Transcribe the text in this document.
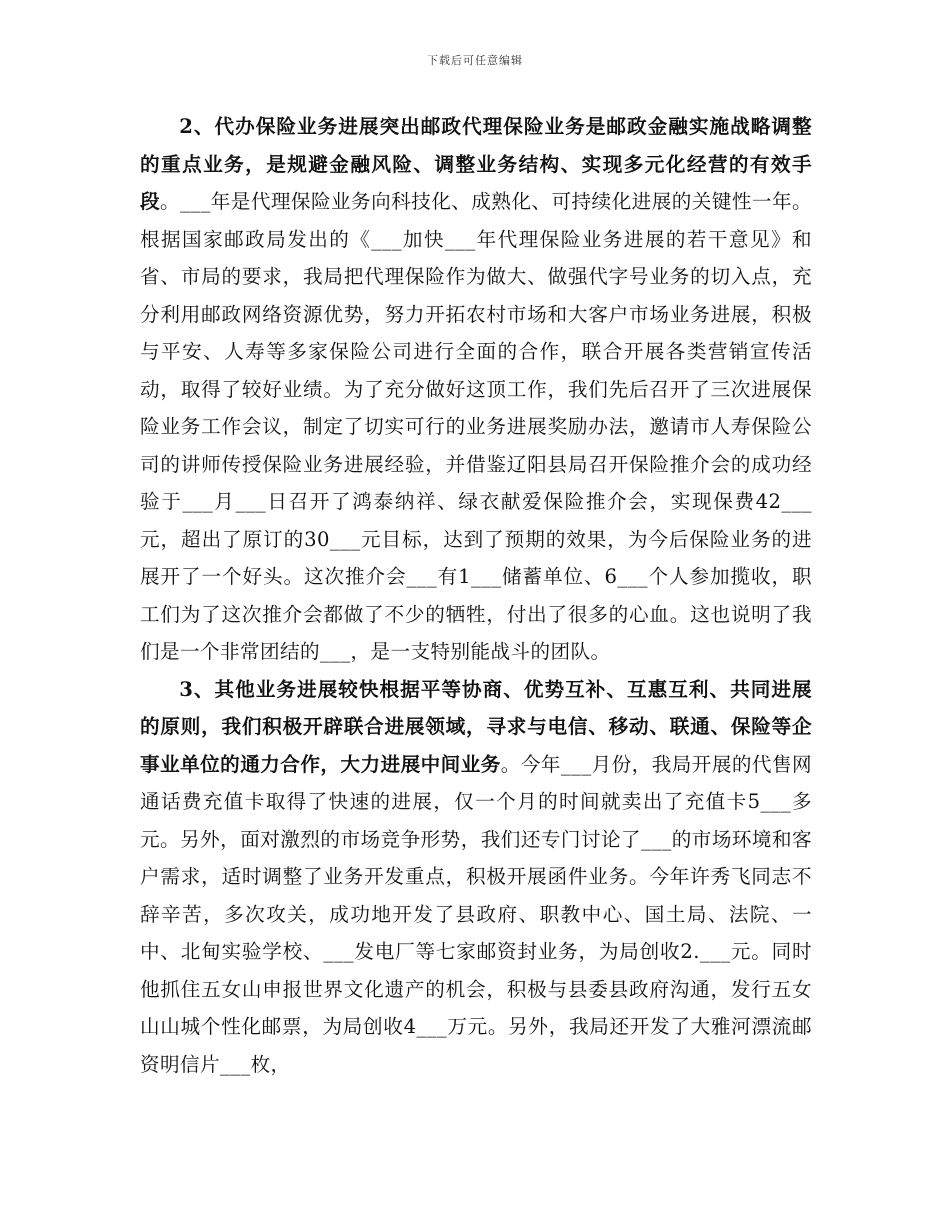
下载后可任意编辑

2、代办保险业务进展突出邮政代理保险业务是邮政金融实施战略调整的重点业务，是规避金融风险、调整业务结构、实现多元化经营的有效手段。___年是代理保险业务向科技化、成熟化、可持续化进展的关键性一年。根据国家邮政局发出的《___加快___年代理保险业务进展的若干意见》和省、市局的要求，我局把代理保险作为做大、做强代字号业务的切入点，充分利用邮政网络资源优势，努力开拓农村市场和大客户市场业务进展，积极与平安、人寿等多家保险公司进行全面的合作，联合开展各类营销宣传活动，取得了较好业绩。为了充分做好这顶工作，我们先后召开了三次进展保险业务工作会议，制定了切实可行的业务进展奖励办法，邀请市人寿保险公司的讲师传授保险业务进展经验，并借鉴辽阳县局召开保险推介会的成功经验于___月___日召开了鸿泰纳祥、绿衣献爱保险推介会，实现保费42___元，超出了原订的30___元目标，达到了预期的效果，为今后保险业务的进展开了一个好头。这次推介会___有1___储蓄单位、6___个人参加揽收，职工们为了这次推介会都做了不少的牺牲，付出了很多的心血。这也说明了我们是一个非常团结的___，是一支特别能战斗的团队。

3、其他业务进展较快根据平等协商、优势互补、互惠互利、共同进展的原则，我们积极开辟联合进展领域，寻求与电信、移动、联通、保险等企事业单位的通力合作，大力进展中间业务。今年___月份，我局开展的代售网通话费充值卡取得了快速的进展，仅一个月的时间就卖出了充值卡5___多元。另外，面对激烈的市场竞争形势，我们还专门讨论了___的市场环境和客户需求，适时调整了业务开发重点，积极开展函件业务。今年许秀飞同志不辞辛苦，多次攻关，成功地开发了县政府、职教中心、国土局、法院、一中、北甸实验学校、___发电厂等七家邮资封业务，为局创收2.___元。同时他抓住五女山申报世界文化遗产的机会，积极与县委县政府沟通，发行五女山山城个性化邮票，为局创收4___万元。另外，我局还开发了大雅河漂流邮资明信片___枚，
